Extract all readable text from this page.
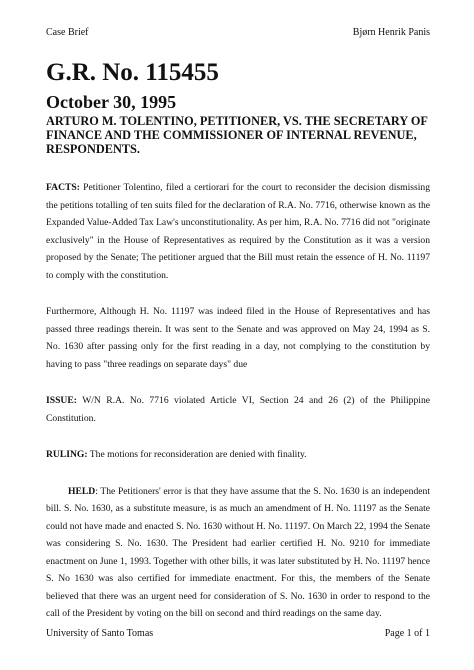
Case Brief	Bjørn Henrik Panis
G.R. No. 115455
October 30, 1995
ARTURO M. TOLENTINO, PETITIONER, VS. THE SECRETARY OF FINANCE AND THE COMMISSIONER OF INTERNAL REVENUE, RESPONDENTS.

FACTS: Petitioner Tolentino, filed a certiorari for the court to reconsider the decision dismissing the petitions totalling of ten suits filed for the declaration of R.A. No. 7716, otherwise known as the Expanded Value-Added Tax Law's unconstitutionality. As per him, R.A. No. 7716 did not "originate exclusively" in the House of Representatives as required by the Constitution as it was a version proposed by the Senate; The petitioner argued that the Bill must retain the essence of H. No. 11197 to comply with the constitution.

Furthermore, Although H. No. 11197 was indeed filed in the House of Representatives and has passed three readings therein. It was sent to the Senate and was approved on May 24, 1994 as S. No. 1630 after passing only for the first reading in a day, not complying to the constitution by having to pass "three readings on separate days" due

ISSUE: W/N R.A. No. 7716 violated Article VI, Section 24 and 26 (2) of the Philippine Constitution.

RULING: The motions for reconsideration are denied with finality.

HELD: The Petitioners' error is that they have assume that the S. No. 1630 is an independent bill. S. No. 1630, as a substitute measure, is as much an amendment of H. No. 11197 as the Senate could not have made and enacted S. No. 1630 without H. No. 11197. On March 22, 1994 the Senate was considering S. No. 1630. The President had earlier certified H. No. 9210 for immediate enactment on June 1, 1993. Together with other bills, it was later substituted by H. No. 11197 hence S. No 1630 was also certified for immediate enactment. For this, the members of the Senate believed that there was an urgent need for consideration of S. No. 1630 in order to respond to the call of the President by voting on the bill on second and third readings on the same day.

University of Santo Tomas	Page 1 of 1
